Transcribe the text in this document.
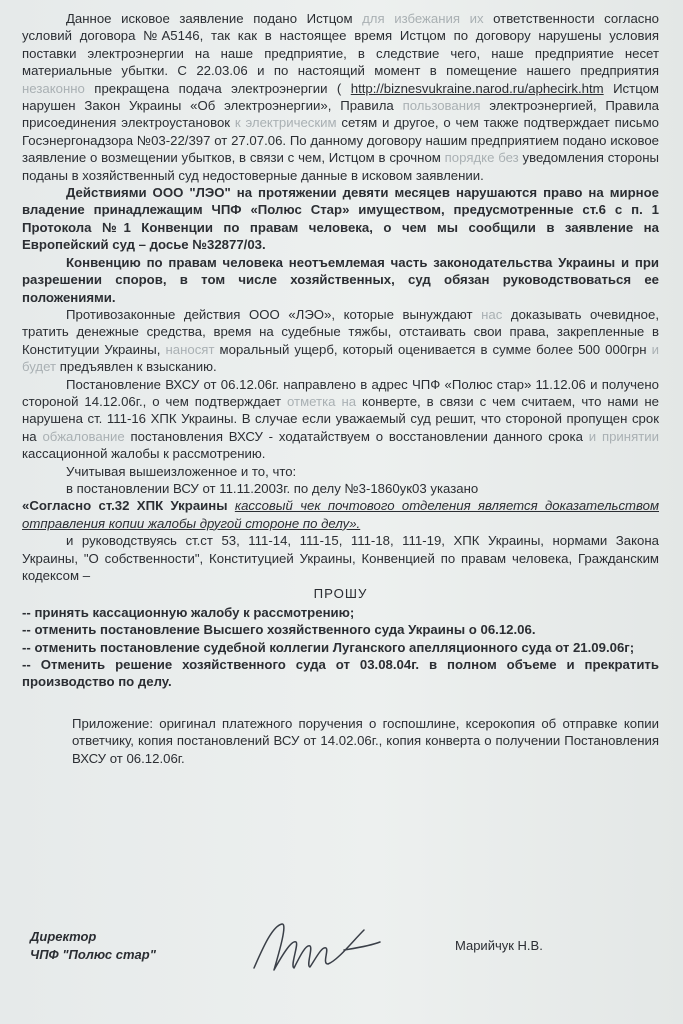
Данное исковое заявление подано Истцом для избежания их ответственности согласно условий договора №А5146, так как в настоящее время Истцом по договору нарушены условия поставки электроэнергии на наше предприятие, в следствие чего, наше предприятие несет материальные убытки. С 22.03.06 и по настоящий момент в помещение нашего предприятия незаконно прекращена подача электроэнергии ( http://biznesvukraine.narod.ru/aphecirk.htm Истцом нарушен Закон Украины «Об электроэнергии», Правила пользования электроэнергией, Правила присоединения электроустановок к электрическим сетям и другое, о чем также подтверждает письмо Госэнергонадзора №03-22/397 от 27.07.06. По данному договору нашим предприятием подано исковое заявление о возмещении убытков, в связи с чем, Истцом в срочном порядке без уведомления стороны поданы в хозяйственный суд недостоверные данные в исковом заявлении.

Действиями ООО "ЛЭО" на протяжении девяти месяцев нарушаются право на мирное владение принадлежащим ЧПФ «Полюс Стар» имуществом, предусмотренные ст.6 с п. 1 Протокола №1 Конвенции по правам человека, о чем мы сообщили в заявление на Европейский суд – досье №32877/03.

Конвенцию по правам человека неотъемлемая часть законодательства Украины и при разрешении споров, в том числе хозяйственных, суд обязан руководствоваться ее положениями.

Противозаконные действия ООО «ЛЭО», которые вынуждают нас доказывать очевидное, тратить денежные средства, время на судебные тяжбы, отстаивать свои права, закрепленные в Конституции Украины, наносят моральный ущерб, который оценивается в сумме более 500 000грн и будет предъявлен к взысканию.

Постановление ВХСУ от 06.12.06г. направлено в адрес ЧПФ «Полюс стар» 11.12.06 и получено стороной 14.12.06г., о чем подтверждает отметка на конверте, в связи с чем считаем, что нами не нарушена ст. 111-16 ХПК Украины. В случае если уважаемый суд решит, что стороной пропущен срок на обжалование постановления ВХСУ - ходатайствуем о восстановлении данного срока и принятии кассационной жалобы к рассмотрению.

Учитывая вышеизложенное и то, что:

в постановлении ВСУ от 11.11.2003г. по делу №3-1860ук03 указано

«Согласно ст.32 ХПК Украины кассовый чек почтового отделения является доказательством отправления копии жалобы другой стороне по делу».

и руководствуясь ст.ст 53, 111-14, 111-15, 111-18, 111-19, ХПК Украины, нормами Закона Украины, "О собственности", Конституцией Украины, Конвенцией по правам человека, Гражданским кодексом –

ПРОШУ

-- принять кассационную жалобу к рассмотрению;

-- отменить постановление Высшего хозяйственного суда Украины о 06.12.06.

-- отменить постановление судебной коллегии Луганского апелляционного суда от 21.09.06г;

-- Отменить решение хозяйственного суда от 03.08.04г. в полном объеме и прекратить производство по делу.

Приложение: оригинал платежного поручения о госпошлине, ксерокопия об отправке копии ответчику, копия постановлений ВСУ от 14.02.06г., копия конверта о получении Постановления ВХСУ от 06.12.06г.

Директор
ЧПФ "Полюс стар"
Марийчук Н.В.
